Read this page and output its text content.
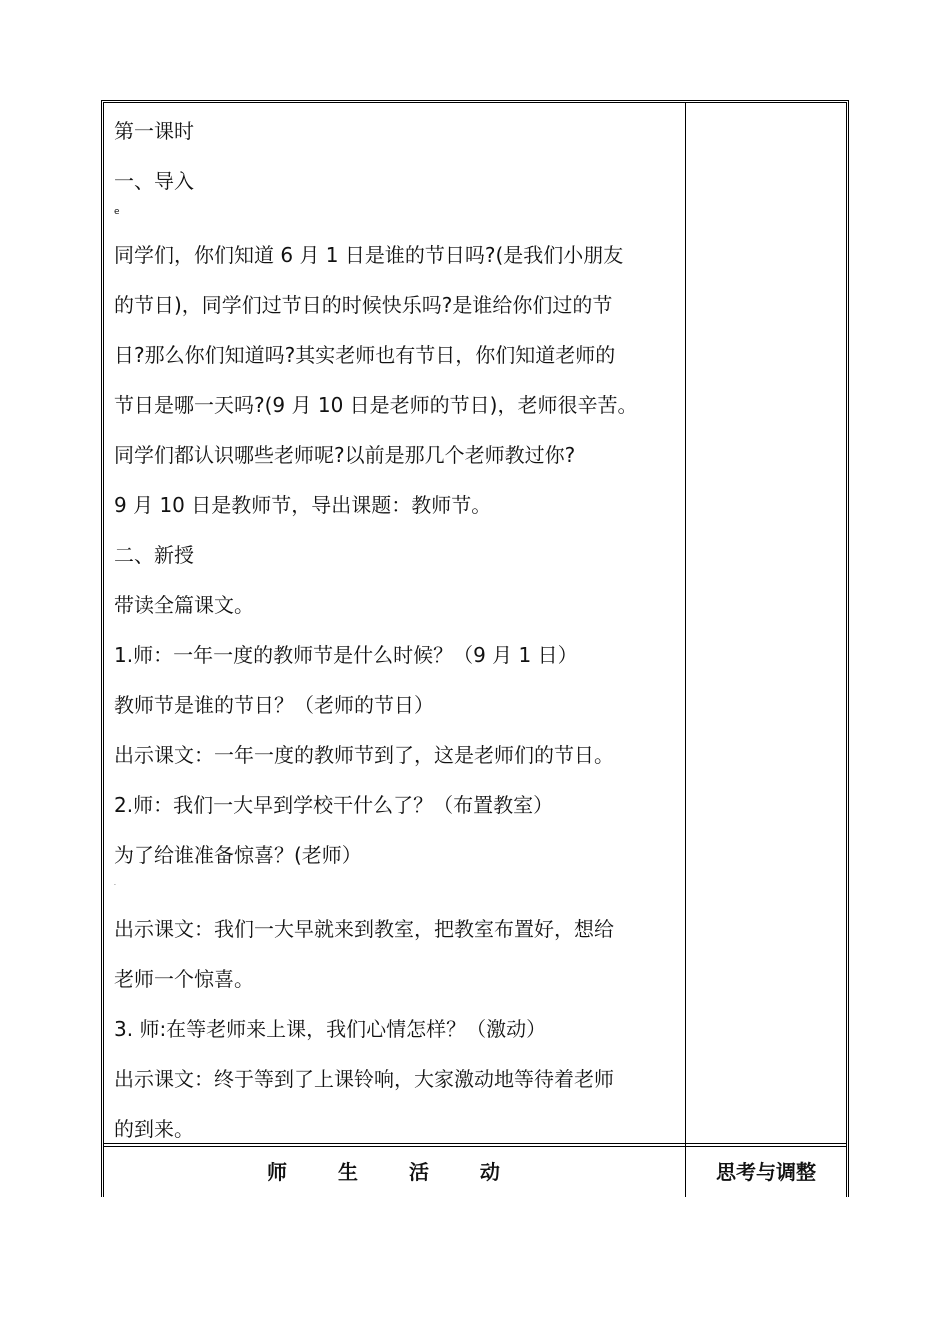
第一课时
一、导入
e
同学们，你们知道 6 月 1 日是谁的节日吗?(是我们小朋友
的节日)，同学们过节日的时候快乐吗?是谁给你们过的节
日?那么你们知道吗?其实老师也有节日，你们知道老师的
节日是哪一天吗?(9 月 10 日是老师的节日)，老师很辛苦。
同学们都认识哪些老师呢?以前是那几个老师教过你?
9 月 10 日是教师节，导出课题：教师节。
二、新授
带读全篇课文。
1.师：一年一度的教师节是什么时候？（9 月 1 日）
教师节是谁的节日？（老师的节日）
出示课文：一年一度的教师节到了，这是老师们的节日。
2.师：我们一大早到学校干什么了？（布置教室）
为了给谁准备惊喜？(老师）
·
出示课文：我们一大早就来到教室，把教室布置好，想给
老师一个惊喜。
3. 师:在等老师来上课，我们心情怎样？（激动）
出示课文：终于等到了上课铃响，大家激动地等待着老师
的到来。
师 生 活 动	思考与调整
